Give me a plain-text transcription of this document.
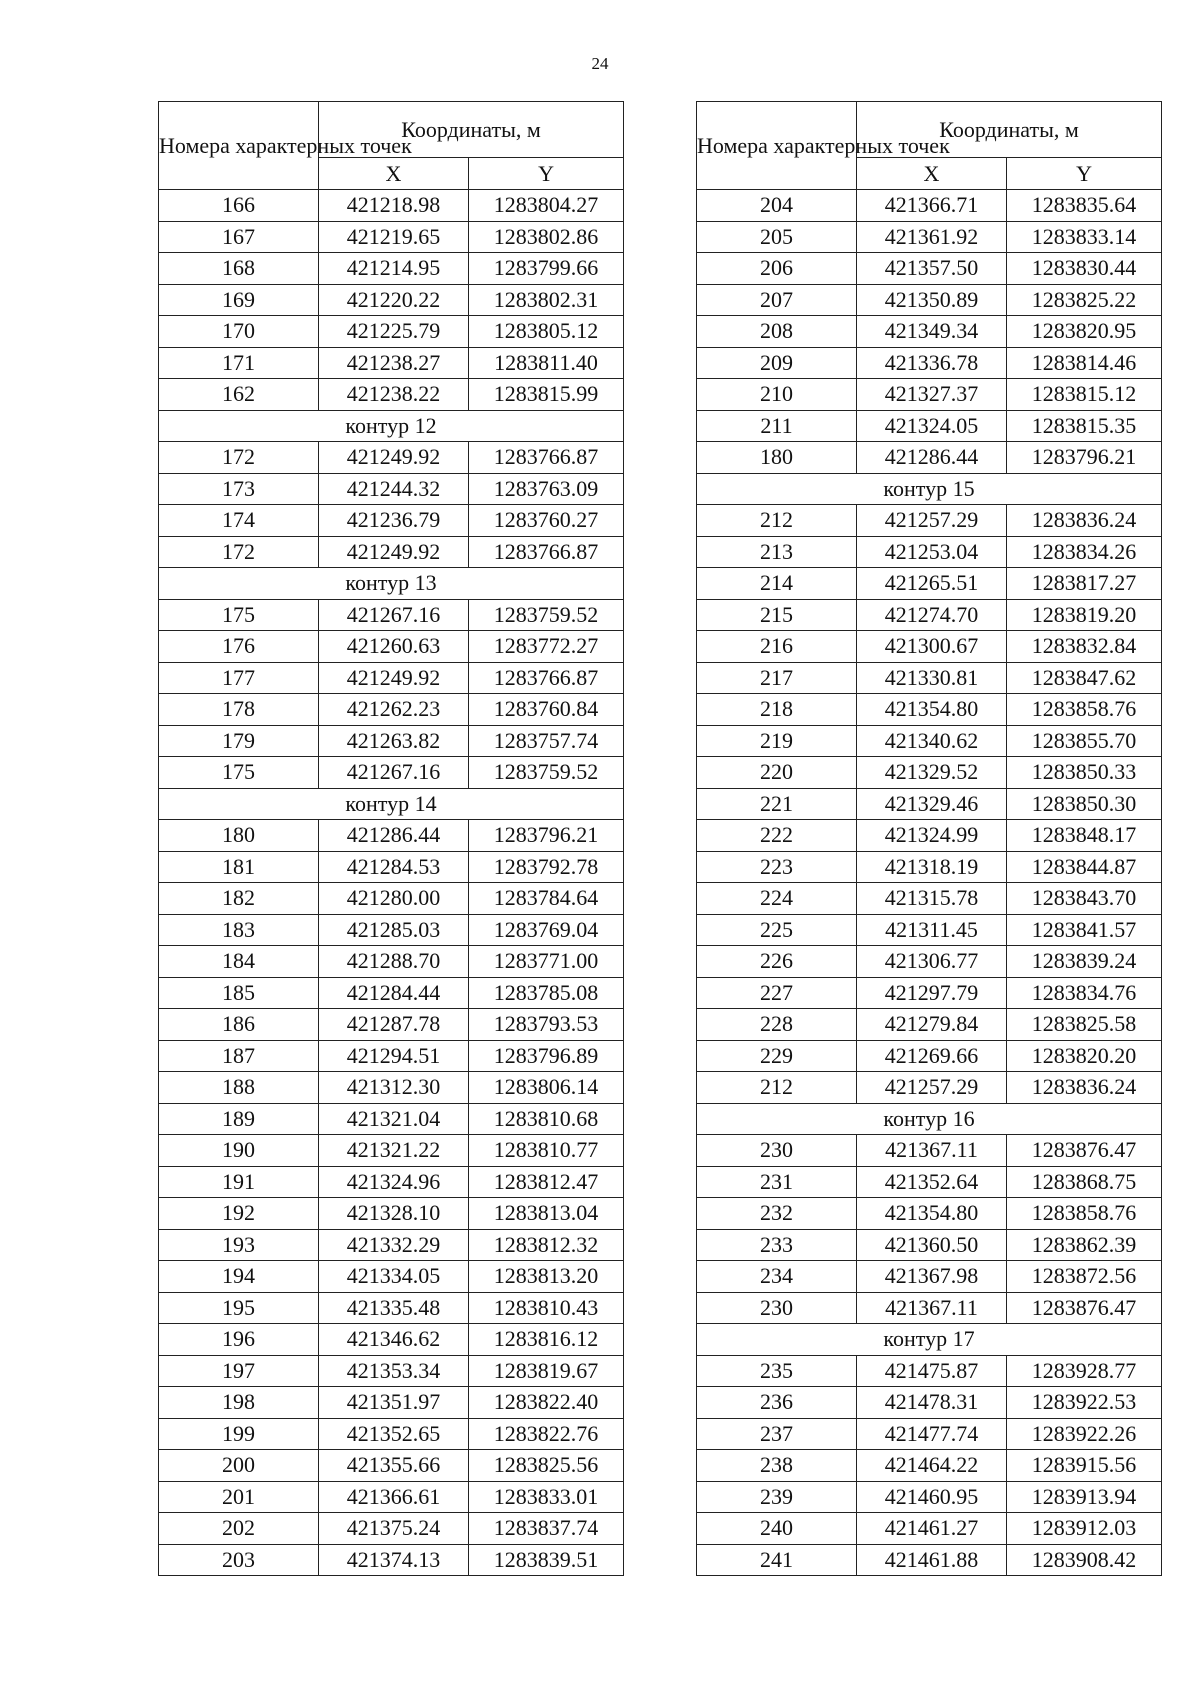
24
Номера характерных точек	Координаты, м	
	X	Y
166	421218.98	1283804.27
167	421219.65	1283802.86
168	421214.95	1283799.66
169	421220.22	1283802.31
170	421225.79	1283805.12
171	421238.27	1283811.40
162	421238.22	1283815.99
контур 12		
172	421249.92	1283766.87
173	421244.32	1283763.09
174	421236.79	1283760.27
172	421249.92	1283766.87
контур 13		
175	421267.16	1283759.52
176	421260.63	1283772.27
177	421249.92	1283766.87
178	421262.23	1283760.84
179	421263.82	1283757.74
175	421267.16	1283759.52
контур 14		
180	421286.44	1283796.21
181	421284.53	1283792.78
182	421280.00	1283784.64
183	421285.03	1283769.04
184	421288.70	1283771.00
185	421284.44	1283785.08
186	421287.78	1283793.53
187	421294.51	1283796.89
188	421312.30	1283806.14
189	421321.04	1283810.68
190	421321.22	1283810.77
191	421324.96	1283812.47
192	421328.10	1283813.04
193	421332.29	1283812.32
194	421334.05	1283813.20
195	421335.48	1283810.43
196	421346.62	1283816.12
197	421353.34	1283819.67
198	421351.97	1283822.40
199	421352.65	1283822.76
200	421355.66	1283825.56
201	421366.61	1283833.01
202	421375.24	1283837.74
203	421374.13	1283839.51
Номера характерных точек	Координаты, м	
	X	Y
204	421366.71	1283835.64
205	421361.92	1283833.14
206	421357.50	1283830.44
207	421350.89	1283825.22
208	421349.34	1283820.95
209	421336.78	1283814.46
210	421327.37	1283815.12
211	421324.05	1283815.35
180	421286.44	1283796.21
контур 15		
212	421257.29	1283836.24
213	421253.04	1283834.26
214	421265.51	1283817.27
215	421274.70	1283819.20
216	421300.67	1283832.84
217	421330.81	1283847.62
218	421354.80	1283858.76
219	421340.62	1283855.70
220	421329.52	1283850.33
221	421329.46	1283850.30
222	421324.99	1283848.17
223	421318.19	1283844.87
224	421315.78	1283843.70
225	421311.45	1283841.57
226	421306.77	1283839.24
227	421297.79	1283834.76
228	421279.84	1283825.58
229	421269.66	1283820.20
212	421257.29	1283836.24
контур 16		
230	421367.11	1283876.47
231	421352.64	1283868.75
232	421354.80	1283858.76
233	421360.50	1283862.39
234	421367.98	1283872.56
230	421367.11	1283876.47
контур 17		
235	421475.87	1283928.77
236	421478.31	1283922.53
237	421477.74	1283922.26
238	421464.22	1283915.56
239	421460.95	1283913.94
240	421461.27	1283912.03
241	421461.88	1283908.42
